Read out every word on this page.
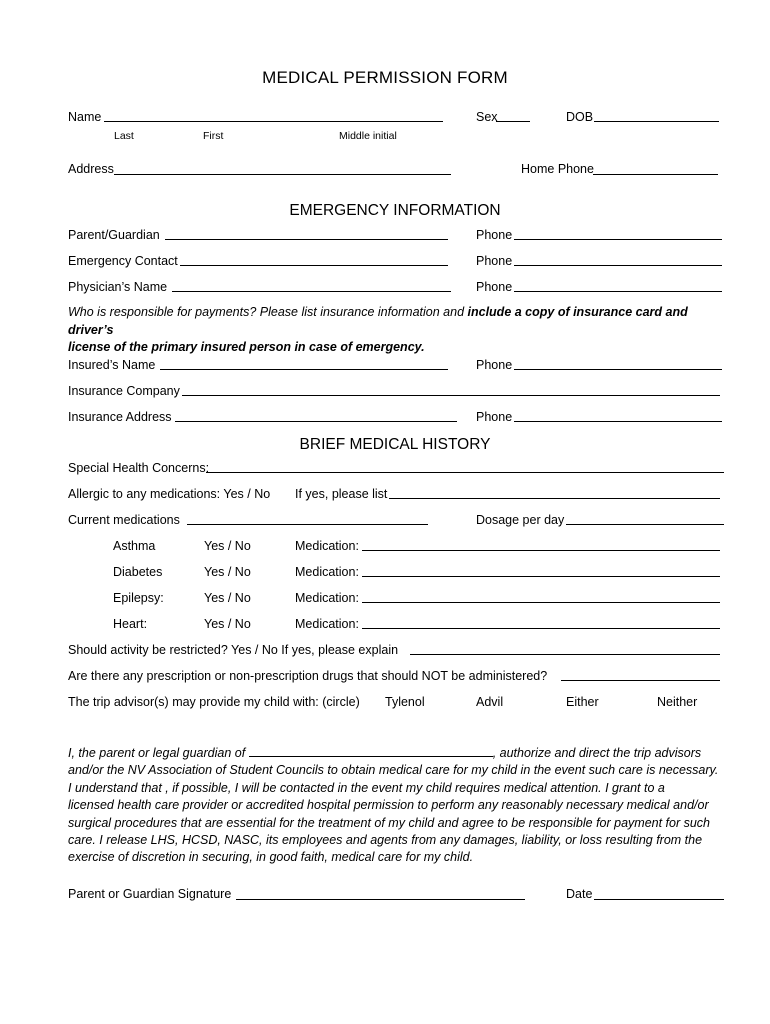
MEDICAL PERMISSION FORM
Name	Sex	DOB
Last	First	Middle initial
Address	Home Phone
EMERGENCY INFORMATION
Parent/Guardian	Phone
Emergency Contact	Phone
Physician’s Name	Phone
Who is responsible for payments? Please list insurance information and include a copy of insurance card and driver’s
license of the primary insured person in case of emergency.
Insured’s Name	Phone
Insurance Company
Insurance Address	Phone
BRIEF MEDICAL HISTORY
Special Health Concerns:
Allergic to any medications: Yes / No If yes, please list
Current medications	Dosage per day
Asthma	Yes / No	Medication:
Diabetes	Yes / No	Medication:
Epilepsy:	Yes / No	Medication:
Heart:	Yes / No	Medication:
Should activity be restricted? Yes / No If yes, please explain
Are there any prescription or non-prescription drugs that should NOT be administered?
The trip advisor(s) may provide my child with: (circle) Tylenol	Advil	Either	Neither
I, the parent or legal guardian of	, authorize and direct the trip advisors
and/or the NV Association of Student Councils to obtain medical care for my child in the event such care is necessary.
I understand that , if possible, I will be contacted in the event my child requires medical attention. I grant to a
licensed health care provider or accredited hospital permission to perform any reasonably necessary medical and/or
surgical procedures that are essential for the treatment of my child and agree to be responsible for payment for such
care. I release LHS, HCSD, NASC, its employees and agents from any damages, liability, or loss resulting from the
exercise of discretion in securing, in good faith, medical care for my child.
Parent or Guardian Signature	Date
